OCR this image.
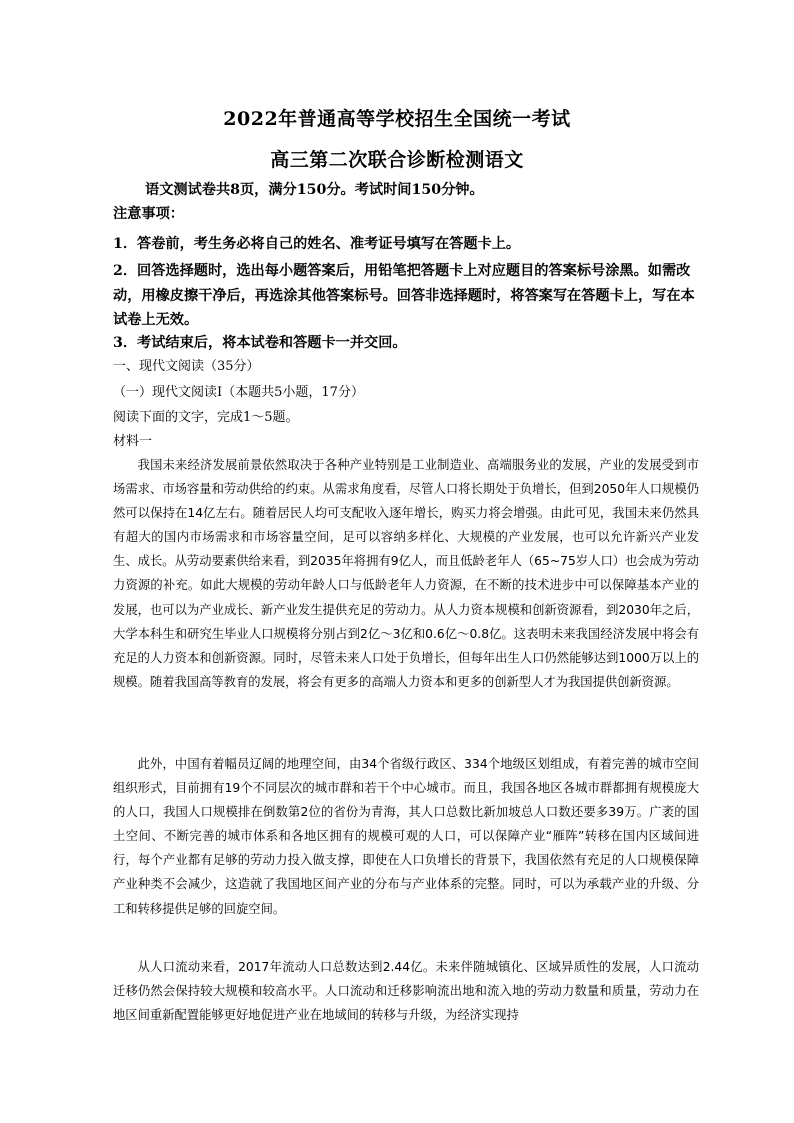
2022年普通高等学校招生全国统一考试
高三第二次联合诊断检测语文
语文测试卷共8页，满分150分。考试时间150分钟。
注意事项：
1．答卷前，考生务必将自己的姓名、准考证号填写在答题卡上。
2．回答选择题时，选出每小题答案后，用铅笔把答题卡上对应题目的答案标号涂黑。如需改动，用橡皮擦干净后，再选涂其他答案标号。回答非选择题时，将答案写在答题卡上，写在本试卷上无效。
3．考试结束后，将本试卷和答题卡一并交回。
一、现代文阅读（35分）
（一）现代文阅读Ⅰ（本题共5小题，17分）
阅读下面的文字，完成1～5题。
材料一

我国未来经济发展前景依然取决于各种产业特别是工业制造业、高端服务业的发展，产业的发展受到市场需求、市场容量和劳动供给的约束。从需求角度看，尽管人口将长期处于负增长，但到2050年人口规模仍然可以保持在14亿左右。随着居民人均可支配收入逐年增长，购买力将会增强。由此可见，我国未来仍然具有超大的国内市场需求和市场容量空间，足可以容纳多样化、大规模的产业发展，也可以允许新兴产业发生、成长。从劳动要素供给来看，到2035年将拥有9亿人，而且低龄老年人（65~75岁人口）也会成为劳动力资源的补充。如此大规模的劳动年龄人口与低龄老年人力资源，在不断的技术进步中可以保障基本产业的发展，也可以为产业成长、新产业发生提供充足的劳动力。从人力资本规模和创新资源看，到2030年之后，大学本科生和研究生毕业人口规模将分别占到2亿～3亿和0.6亿～0.8亿。这表明未来我国经济发展中将会有充足的人力资本和创新资源。同时，尽管未来人口处于负增长，但每年出生人口仍然能够达到1000万以上的规模。随着我国高等教育的发展，将会有更多的高端人力资本和更多的创新型人才为我国提供创新资源。

此外，中国有着幅员辽阔的地理空间，由34个省级行政区、334个地级区划组成，有着完善的城市空间组织形式，目前拥有19个不同层次的城市群和若干个中心城市。而且，我国各地区各城市群都拥有规模庞大的人口，我国人口规模排在倒数第2位的省份为青海，其人口总数比新加坡总人口数还要多39万。广袤的国土空间、不断完善的城市体系和各地区拥有的规模可观的人口，可以保障产业“雁阵”转移在国内区域间进行，每个产业都有足够的劳动力投入做支撑，即使在人口负增长的背景下，我国依然有充足的人口规模保障产业种类不会减少，这造就了我国地区间产业的分布与产业体系的完整。同时，可以为承载产业的升级、分工和转移提供足够的回旋空间。

从人口流动来看，2017年流动人口总数达到2.44亿。未来伴随城镇化、区域异质性的发展，人口流动迁移仍然会保持较大规模和较高水平。人口流动和迁移影响流出地和流入地的劳动力数量和质量，劳动力在地区间重新配置能够更好地促进产业在地域间的转移与升级，为经济实现持
